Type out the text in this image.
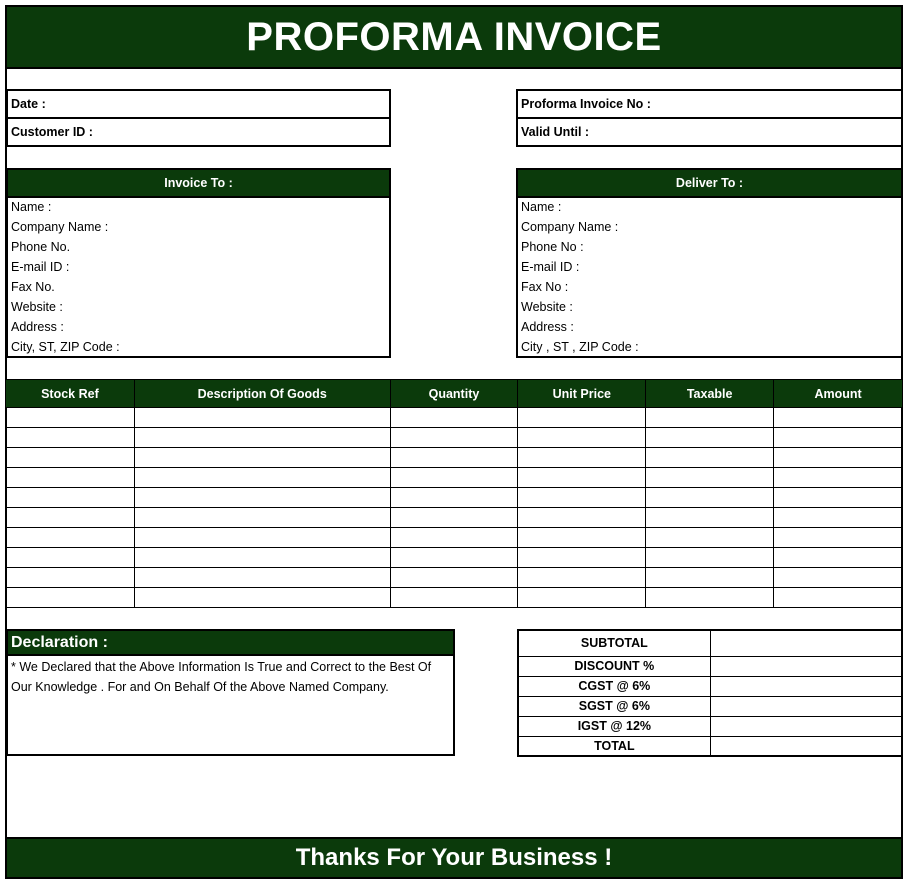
PROFORMA INVOICE
Date :
Customer ID :
Proforma Invoice No :
Valid Until :
Invoice To :
Name :
Company Name :
Phone No.
E-mail ID :
Fax No.
Website :
Address :
City, ST, ZIP Code :
Deliver To :
Name :
Company Name :
Phone No :
E-mail ID :
Fax No :
Website :
Address :
City , ST , ZIP Code :
Stock Ref	Description Of Goods	Quantity	Unit Price	Taxable	Amount

Declaration :
* We Declared that the Above Information Is True and Correct to the Best Of Our Knowledge . For and On Behalf Of the Above Named Company.
SUBTOTAL	
DISCOUNT %	
CGST @ 6%	
SGST @ 6%	
IGST @ 12%	
TOTAL	
Thanks For Your Business !
